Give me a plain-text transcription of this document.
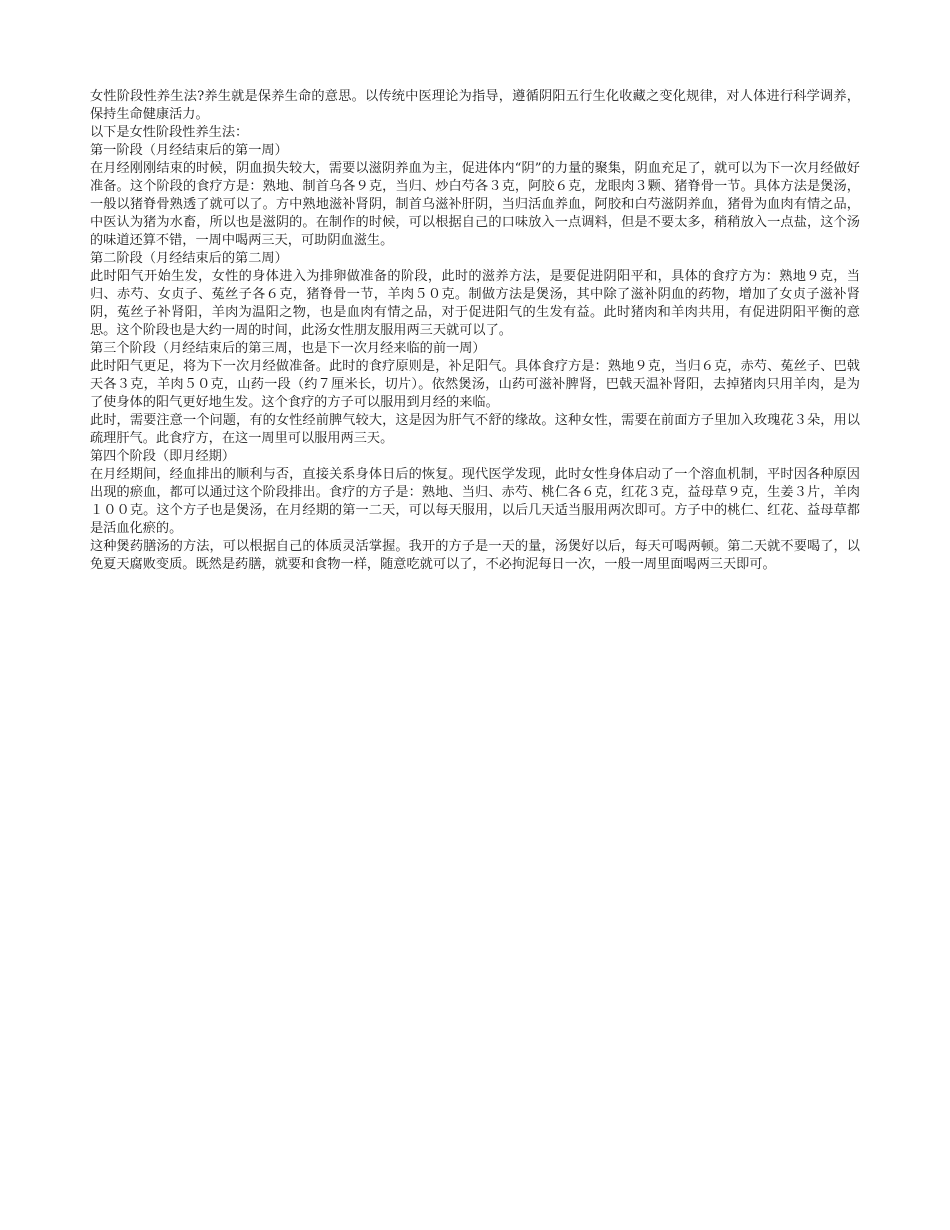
女性阶段性养生法?养生就是保养生命的意思。以传统中医理论为指导，遵循阴阳五行生化收藏之变化规律，对人体进行科学调养，保持生命健康活力。

以下是女性阶段性养生法：

第一阶段（月经结束后的第一周）

在月经刚刚结束的时候，阴血损失较大，需要以滋阴养血为主，促进体内“阴”的力量的聚集，阴血充足了，就可以为下一次月经做好准备。这个阶段的食疗方是：熟地、制首乌各９克，当归、炒白芍各３克，阿胶６克，龙眼肉３颗、猪脊骨一节。具体方法是煲汤，一般以猪脊骨熟透了就可以了。方中熟地滋补肾阴，制首乌滋补肝阴，当归活血养血，阿胶和白芍滋阴养血，猪骨为血肉有情之品，中医认为猪为水畜，所以也是滋阴的。在制作的时候，可以根据自己的口味放入一点调料，但是不要太多，稍稍放入一点盐，这个汤的味道还算不错，一周中喝两三天，可助阴血滋生。

第二阶段（月经结束后的第二周）

此时阳气开始生发，女性的身体进入为排卵做准备的阶段，此时的滋养方法，是要促进阴阳平和，具体的食疗方为：熟地９克，当归、赤芍、女贞子、菟丝子各６克，猪脊骨一节，羊肉５０克。制做方法是煲汤，其中除了滋补阴血的药物，增加了女贞子滋补肾阴，菟丝子补肾阳，羊肉为温阳之物，也是血肉有情之品，对于促进阳气的生发有益。此时猪肉和羊肉共用，有促进阴阳平衡的意思。这个阶段也是大约一周的时间，此汤女性朋友服用两三天就可以了。

第三个阶段（月经结束后的第三周，也是下一次月经来临的前一周）

此时阳气更足，将为下一次月经做准备。此时的食疗原则是，补足阳气。具体食疗方是：熟地９克，当归６克，赤芍、菟丝子、巴戟天各３克，羊肉５０克，山药一段（约７厘米长，切片）。依然煲汤，山药可滋补脾肾，巴戟天温补肾阳，去掉猪肉只用羊肉，是为了使身体的阳气更好地生发。这个食疗的方子可以服用到月经的来临。

此时，需要注意一个问题，有的女性经前脾气较大，这是因为肝气不舒的缘故。这种女性，需要在前面方子里加入玫瑰花３朵，用以疏理肝气。此食疗方，在这一周里可以服用两三天。

第四个阶段（即月经期）

在月经期间，经血排出的顺利与否，直接关系身体日后的恢复。现代医学发现，此时女性身体启动了一个溶血机制，平时因各种原因出现的瘀血，都可以通过这个阶段排出。食疗的方子是：熟地、当归、赤芍、桃仁各６克，红花３克，益母草９克，生姜３片，羊肉１００克。这个方子也是煲汤，在月经期的第一二天，可以每天服用，以后几天适当服用两次即可。方子中的桃仁、红花、益母草都是活血化瘀的。

这种煲药膳汤的方法，可以根据自己的体质灵活掌握。我开的方子是一天的量，汤煲好以后，每天可喝两顿。第二天就不要喝了，以免夏天腐败变质。既然是药膳，就要和食物一样，随意吃就可以了，不必拘泥每日一次，一般一周里面喝两三天即可。
